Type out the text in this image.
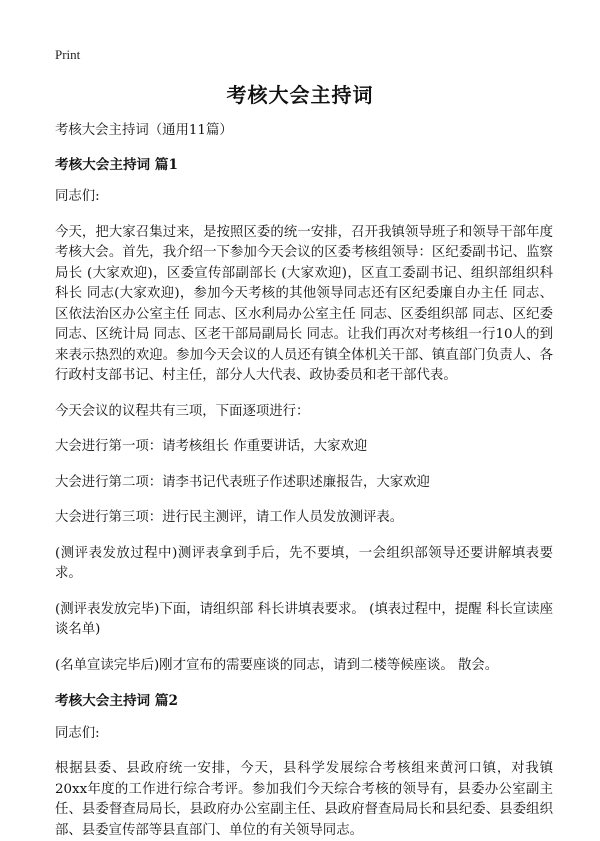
Print
考核大会主持词

考核大会主持词（通用11篇）

考核大会主持词 篇1

同志们:

今天，把大家召集过来，是按照区委的统一安排，召开我镇领导班子和领导干部年度考核大会。首先，我介绍一下参加今天会议的区委考核组领导：区纪委副书记、监察局长 (大家欢迎)，区委宣传部副部长 (大家欢迎)，区直工委副书记、组织部组织科科长 同志(大家欢迎)，参加今天考核的其他领导同志还有区纪委廉自办主任 同志、区依法治区办公室主任 同志、区水利局办公室主任 同志、区委组织部 同志、区纪委 同志、区统计局 同志、区老干部局副局长 同志。让我们再次对考核组一行10人的到来表示热烈的欢迎。参加今天会议的人员还有镇全体机关干部、镇直部门负责人、各行政村支部书记、村主任，部分人大代表、政协委员和老干部代表。

今天会议的议程共有三项，下面逐项进行：

大会进行第一项：请考核组长 作重要讲话，大家欢迎

大会进行第二项：请李书记代表班子作述职述廉报告，大家欢迎

大会进行第三项：进行民主测评，请工作人员发放测评表。

(测评表发放过程中)测评表拿到手后，先不要填，一会组织部领导还要讲解填表要求。

(测评表发放完毕)下面，请组织部 科长讲填表要求。 (填表过程中，提醒 科长宣读座谈名单)

(名单宣读完毕后)刚才宣布的需要座谈的同志，请到二楼等候座谈。 散会。

考核大会主持词 篇2

同志们:

根据县委、县政府统一安排，今天，县科学发展综合考核组来黄河口镇，对我镇20xx年度的工作进行综合考评。参加我们今天综合考核的领导有，县委办公室副主任、县委督查局局长，县政府办公室副主任、县政府督查局局长和县纪委、县委组织部、县委宣传部等县直部门、单位的有关领导同志。
